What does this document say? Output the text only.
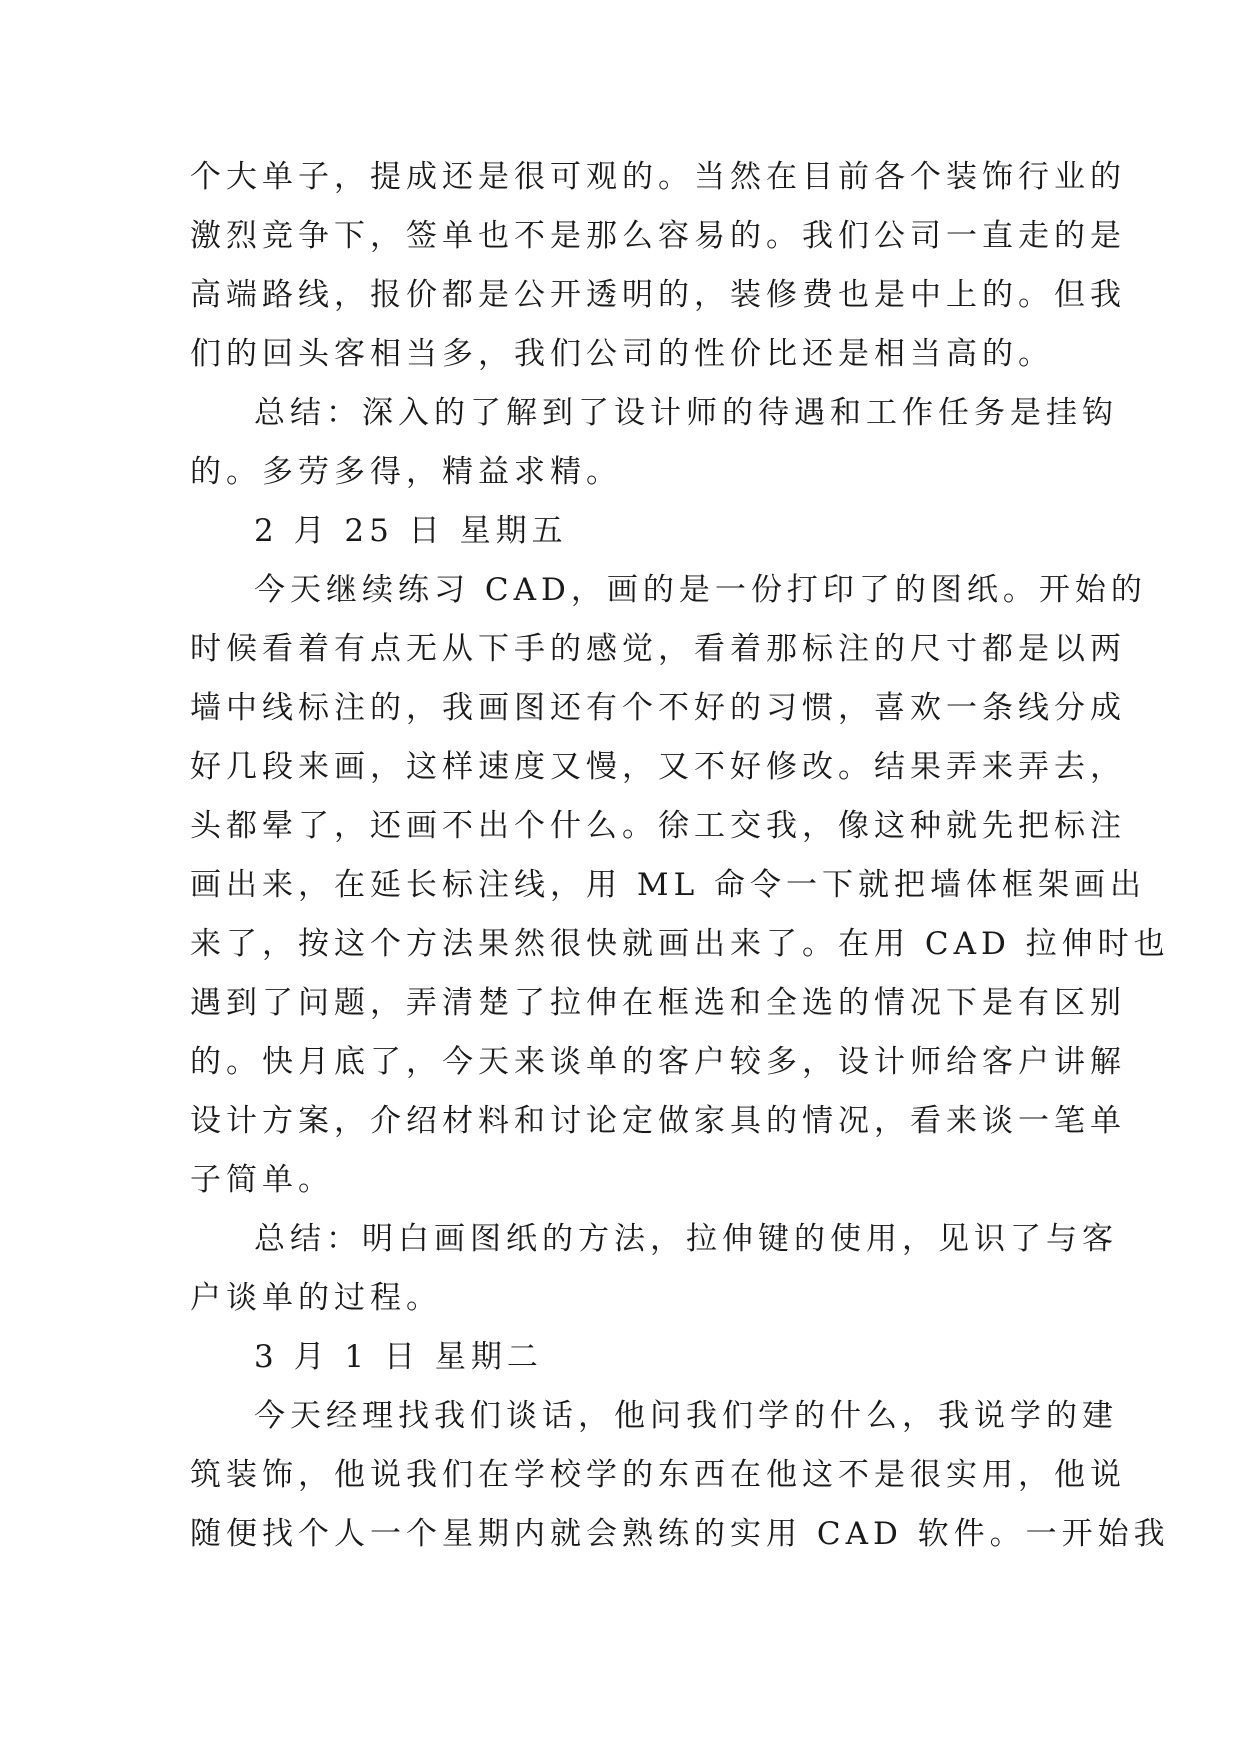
个大单子，提成还是很可观的。当然在目前各个装饰行业的
激烈竞争下，签单也不是那么容易的。我们公司一直走的是
高端路线，报价都是公开透明的，装修费也是中上的。但我
们的回头客相当多，我们公司的性价比还是相当高的。
总结：深入的了解到了设计师的待遇和工作任务是挂钩
的。多劳多得，精益求精。
2 月 25 日 星期五
今天继续练习 CAD，画的是一份打印了的图纸。开始的
时候看着有点无从下手的感觉，看着那标注的尺寸都是以两
墙中线标注的，我画图还有个不好的习惯，喜欢一条线分成
好几段来画，这样速度又慢，又不好修改。结果弄来弄去，
头都晕了，还画不出个什么。徐工交我，像这种就先把标注
画出来，在延长标注线，用 ML 命令一下就把墙体框架画出
来了，按这个方法果然很快就画出来了。在用 CAD 拉伸时也
遇到了问题，弄清楚了拉伸在框选和全选的情况下是有区别
的。快月底了，今天来谈单的客户较多，设计师给客户讲解
设计方案，介绍材料和讨论定做家具的情况，看来谈一笔单
子简单。
总结：明白画图纸的方法，拉伸键的使用，见识了与客
户谈单的过程。
3 月 1 日 星期二
今天经理找我们谈话，他问我们学的什么，我说学的建
筑装饰，他说我们在学校学的东西在他这不是很实用，他说
随便找个人一个星期内就会熟练的实用 CAD 软件。一开始我
